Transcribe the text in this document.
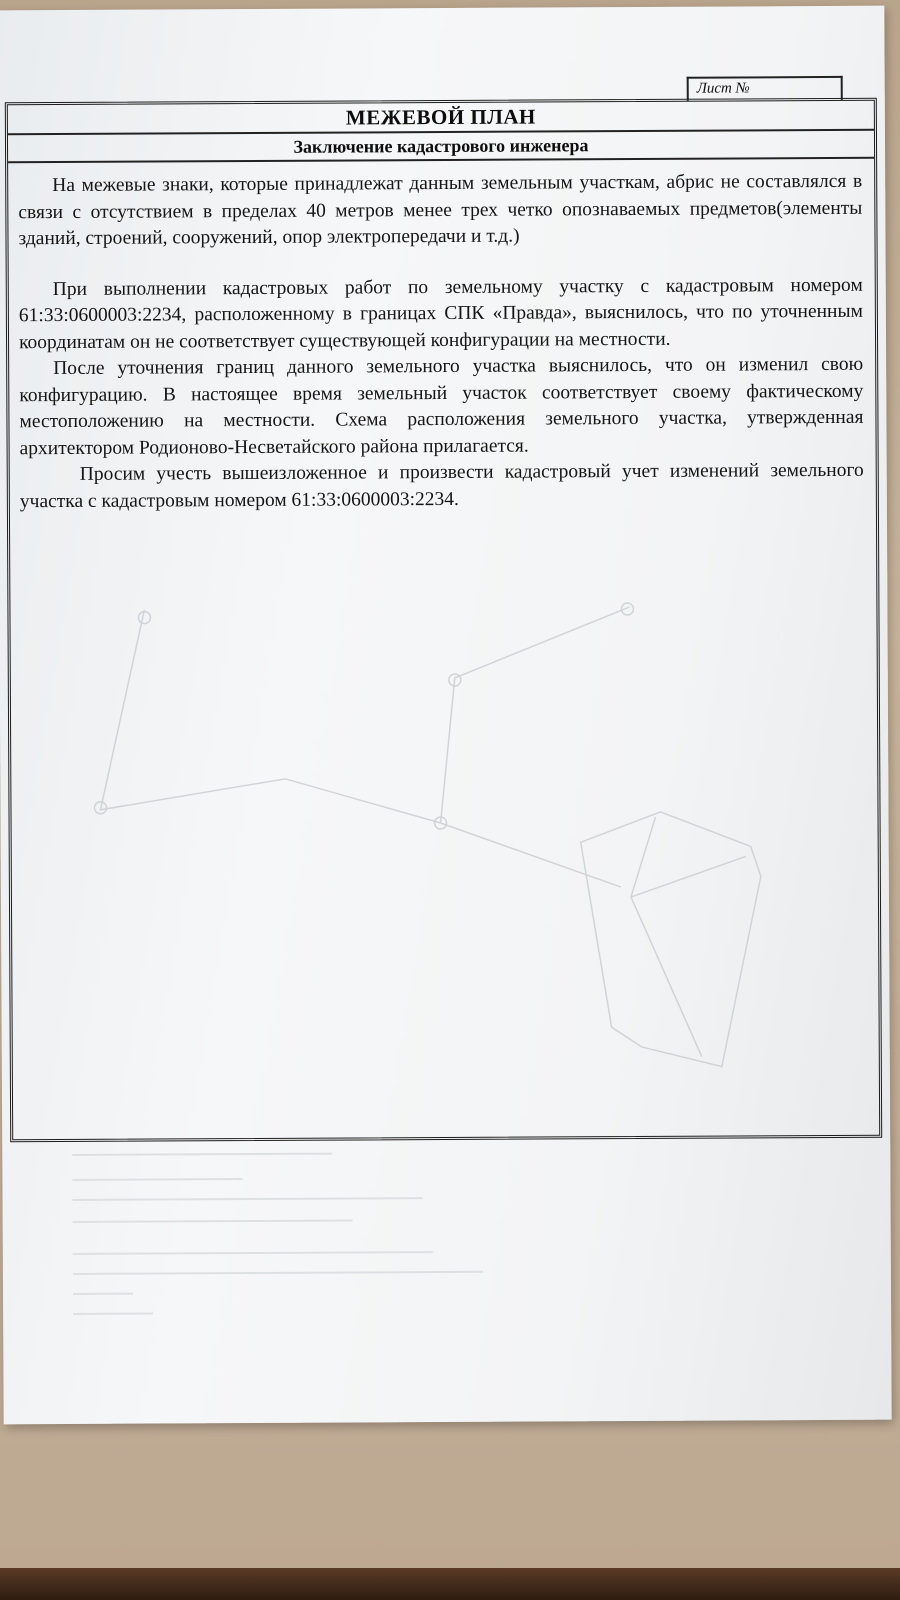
Лист №
МЕЖЕВОЙ ПЛАН
Заключение кадастрового инженера

На межевые знаки, которые принадлежат данным земельным участкам, абрис не составлялся в связи с отсутствием в пределах 40 метров менее трех четко опознаваемых предметов(элементы зданий, строений, сооружений, опор электропередачи и т.д.)

При выполнении кадастровых работ по земельному участку с кадастровым номером 61:33:0600003:2234, расположенному в границах СПК «Правда», выяснилось, что по уточненным координатам он не соответствует существующей конфигурации на местности.

После уточнения границ данного земельного участка выяснилось, что он изменил свою конфигурацию. В настоящее время земельный участок соответствует своему фактическому местоположению на местности. Схема расположения земельного участка, утвержденная архитектором Родионово-Несветайского района прилагается.

Просим учесть вышеизложенное и произвести кадастровый учет изменений земельного участка с кадастровым номером 61:33:0600003:2234.
